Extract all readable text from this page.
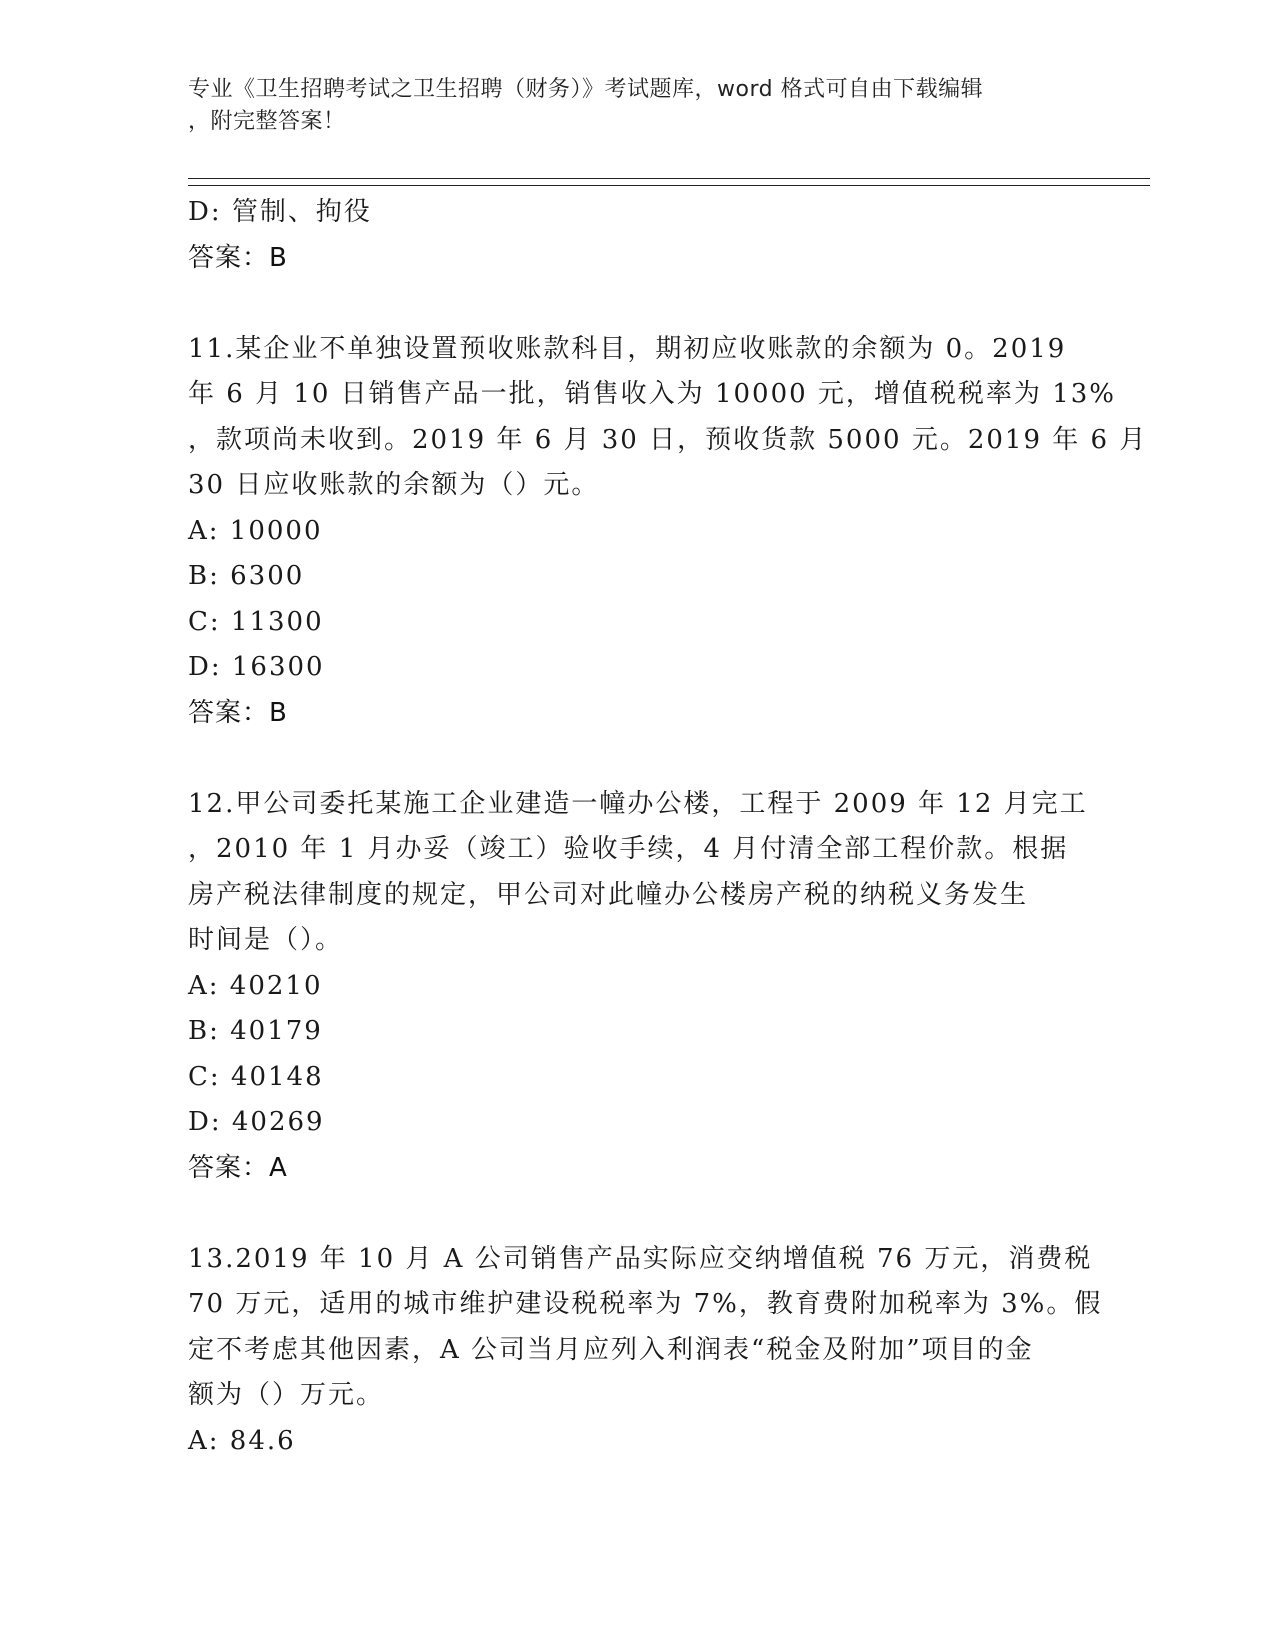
专业《卫生招聘考试之卫生招聘（财务）》考试题库，word 格式可自由下载编辑
，附完整答案！
D: 管制、拘役
答案：B
11.某企业不单独设置预收账款科目，期初应收账款的余额为 0。2019
年 6 月 10 日销售产品一批，销售收入为 10000 元，增值税税率为 13%
，款项尚未收到。2019 年 6 月 30 日，预收货款 5000 元。2019 年 6 月
30 日应收账款的余额为（）元。
A: 10000
B: 6300
C: 11300
D: 16300
答案：B
12.甲公司委托某施工企业建造一幢办公楼，工程于 2009 年 12 月完工
，2010 年 1 月办妥（竣工）验收手续，4 月付清全部工程价款。根据
房产税法律制度的规定，甲公司对此幢办公楼房产税的纳税义务发生
时间是（）。
A: 40210
B: 40179
C: 40148
D: 40269
答案：A
13.2019 年 10 月 A 公司销售产品实际应交纳增值税 76 万元，消费税
70 万元，适用的城市维护建设税税率为 7%，教育费附加税率为 3%。假
定不考虑其他因素，A 公司当月应列入利润表“税金及附加”项目的金
额为（）万元。
A: 84.6
